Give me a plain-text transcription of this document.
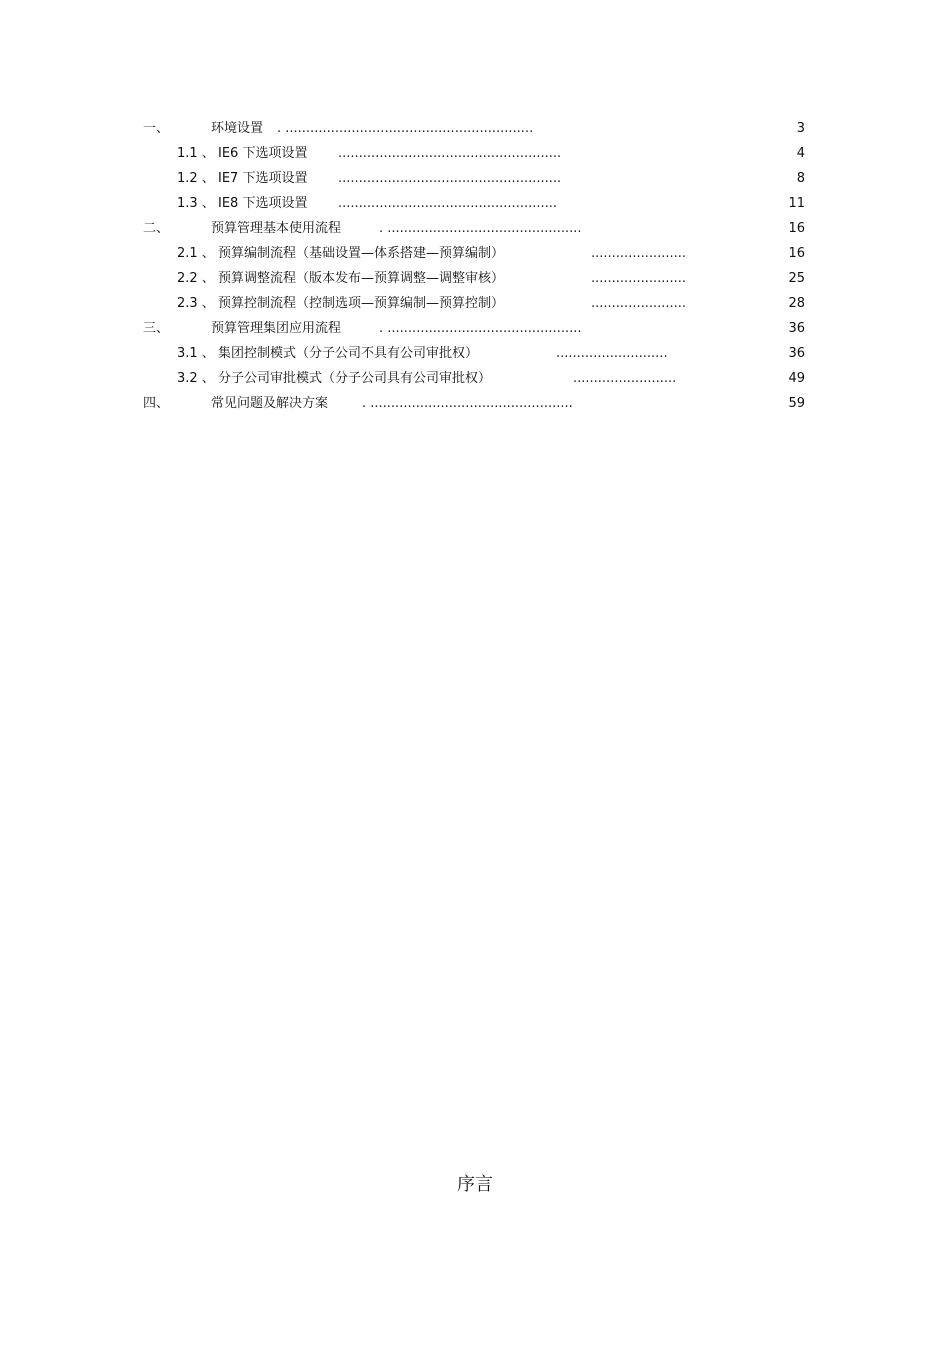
一、	环境设置 . ............................................................	3
1.1 、 IE6 下选项设置 ......................................................	4
1.2 、 IE7 下选项设置 ......................................................	8
1.3 、 IE8 下选项设置 .....................................................	11
二、	预算管理基本使用流程	. ...............................................	16
2.1 、 预算编制流程（基础设置—体系搭建—预算编制）	.......................	16
2.2 、 预算调整流程（版本发布—预算调整—调整审核）	.......................	25
2.3 、 预算控制流程（控制选项—预算编制—预算控制）	.......................	28
三、	预算管理集团应用流程	. ...............................................	36
3.1 、 集团控制模式（分子公司不具有公司审批权）	...........................	36
3.2 、 分子公司审批模式（分子公司具有公司审批权）	.........................	49
四、	常见问题及解决方案	. .................................................	59
序言
